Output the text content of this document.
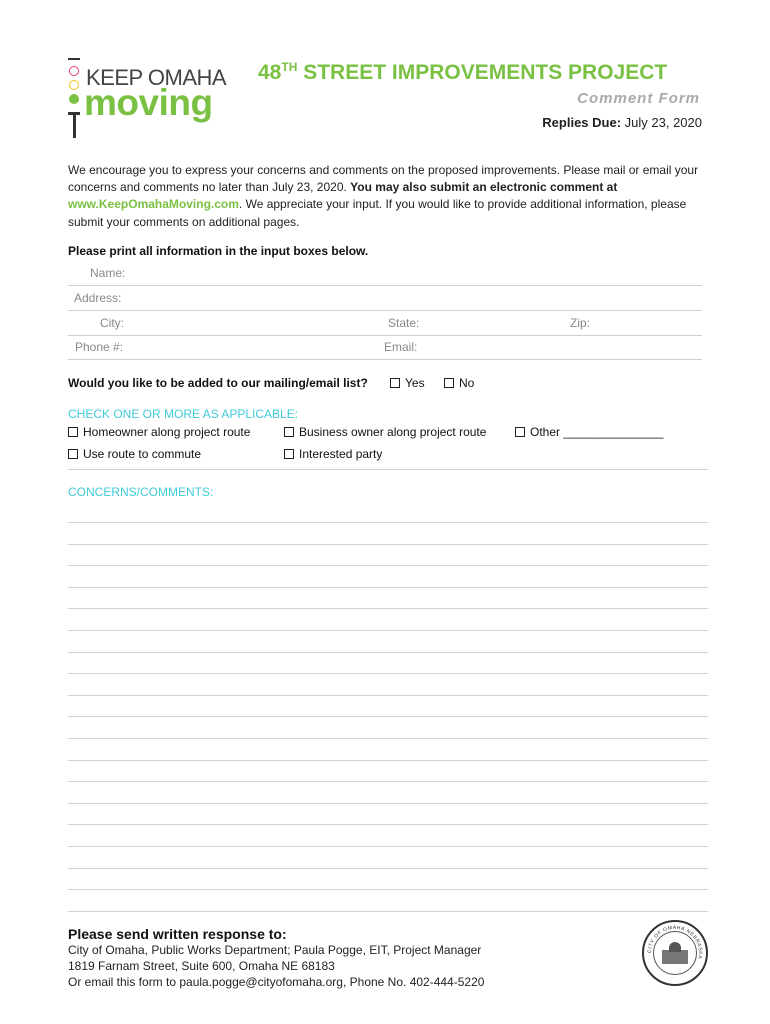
KEEP OMAHA
moving
48TH STREET IMPROVEMENTS PROJECT
Comment Form
Replies Due: July 23, 2020
We encourage you to express your concerns and comments on the proposed improvements. Please mail or email your concerns and comments no later than July 23, 2020. You may also submit an electronic comment at www.KeepOmahaMoving.com. We appreciate your input. If you would like to provide additional information, please submit your comments on additional pages.
Please print all information in the input boxes below.
Name:
Address:
City:	State:	Zip:
Phone #:	Email:
Would you like to be added to our mailing/email list?	Yes	No
CHECK ONE OR MORE AS APPLICABLE:
Homeowner along project route	Business owner along project route	Other _______________
Use route to commute	Interested party
CONCERNS/COMMENTS:
Please send written response to:
City of Omaha, Public Works Department; Paula Pogge, EIT, Project Manager
1819 Farnam Street, Suite 600, Omaha NE 68183
Or email this form to paula.pogge@cityofomaha.org, Phone No. 402-444-5220
CITY OF OMAHA NEBRASKA
